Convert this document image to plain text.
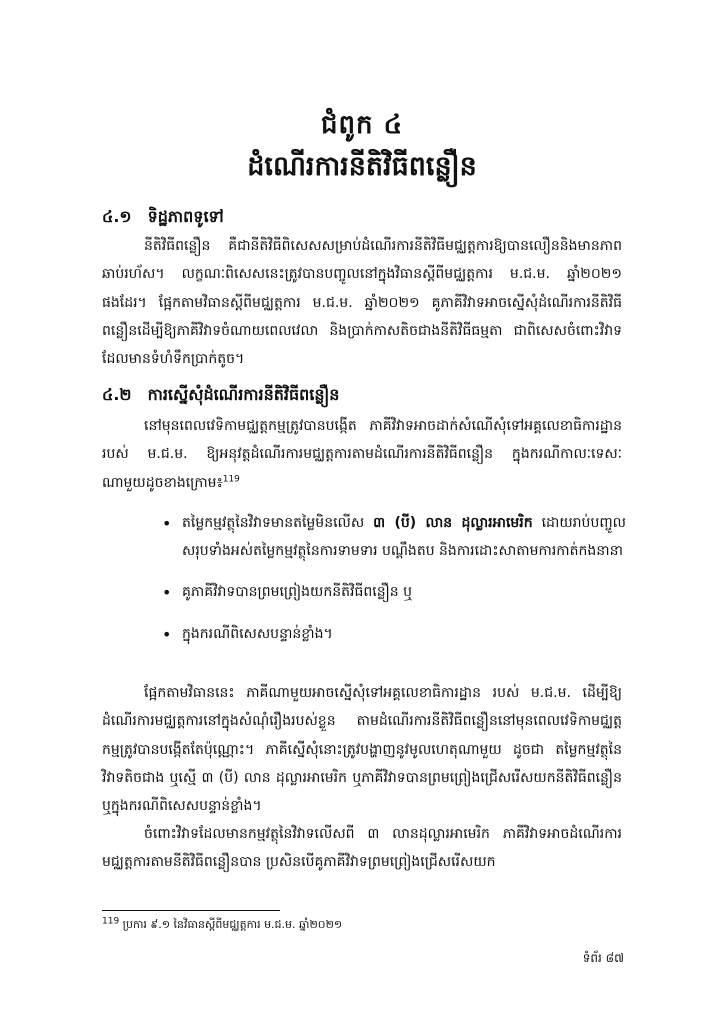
ជំពូក ៤
ដំណើរការនីតិវិធីពន្លឿន
៤.១ ទិដ្ឋភាពទូទៅ

នីតិវិធីពន្លឿន គឺជានីតិវិធីពិសេសសម្រាប់ដំណើរការនីតិវិធីមជ្ឈត្តការឱ្យបានលឿននិងមានភាពឆាប់រហ័ស។ លក្ខណៈពិសេសនេះត្រូវបានបញ្ចូលនៅក្នុងវិធានស្តីពីមជ្ឈត្តការ ម.ជ.ម. ឆ្នាំ២០២១ ផងដែរ។ ផ្អែកតាមវិធានស្តីពីមជ្ឈត្តការ ម.ជ.ម. ឆ្នាំ២០២១ គូភាគីវិវាទអាចស្នើសុំដំណើរការនីតិវិធីពន្លឿនដើម្បីឱ្យភាគីវិវាទចំណាយពេលវេលា និងប្រាក់កាសតិចជាងនីតិវិធីធម្មតា ជាពិសេសចំពោះវិវាទដែលមានទំហំទឹកប្រាក់តូច។

៤.២ ការស្នើសុំដំណើរការនីតិវិធីពន្លឿន

នៅមុនពេលវេទិកាមជ្ឈត្តកម្មត្រូវបានបង្កើត ភាគីវិវាទអាចដាក់សំណើសុំទៅអគ្គលេខាធិការដ្ឋាន របស់ ម.ជ.ម. ឱ្យអនុវត្តដំណើរការមជ្ឈត្តការតាមដំណើរការនីតិវិធីពន្លឿន ក្នុងករណីកាលៈទេសៈណាមួយដូចខាងក្រោម៖$^{119}$

• តម្លៃកម្មវត្ថុនៃវិវាទមានតម្លៃមិនលើស ៣ (បី) លាន ដុល្លារអាមេរិក ដោយរាប់បញ្ចូលសរុបទាំងអស់តម្លៃកម្មវត្ថុនៃការទាមទារ បណ្តឹងតប និងការដោះសាតាមការកាត់កងនានា
• គូភាគីវិវាទបានព្រមព្រៀងយកនីតិវិធីពន្លឿន ឬ
• ក្នុងករណីពិសេសបន្ទាន់ខ្លាំង។

ផ្អែកតាមវិធាននេះ ភាគីណាមួយអាចស្នើសុំទៅអគ្គលេខាធិការដ្ឋាន របស់ ម.ជ.ម. ដើម្បីឱ្យដំណើរការមជ្ឈត្តការនៅក្នុងសំណុំរឿងរបស់ខ្លួន តាមដំណើរការនីតិវិធីពន្លឿននៅមុនពេលវេទិកាមជ្ឈត្តកម្មត្រូវបានបង្កើតតែប៉ុណ្ណោះ។ ភាគីស្នើសុំនោះត្រូវបង្ហាញនូវមូលហេតុណាមួយ ដូចជា តម្លៃកម្មវត្ថុនៃវិវាទតិចជាង ឬស្មើ ៣ (បី) លាន ដុល្លារអាមេរិក ឬភាគីវិវាទបានព្រមព្រៀងជ្រើសរើសយកនីតិវិធីពន្លឿន ឬក្នុងករណីពិសេសបន្ទាន់ខ្លាំង។

ចំពោះវិវាទដែលមានកម្មវត្ថុនៃវិវាទលើសពី ៣ លានដុល្លារអាមេរិក ភាគីវិវាទអាចដំណើរការមជ្ឈត្តការតាមនីតិវិធីពន្លឿនបាន ប្រសិនបើគូភាគីវិវាទព្រមព្រៀងជ្រើសរើសយក

$^{119}$ ប្រការ ៩.១ នៃវិធានស្តីពីមជ្ឈត្តការ ម.ជ.ម. ឆ្នាំ២០២១
ទំព័រ ៨៧
